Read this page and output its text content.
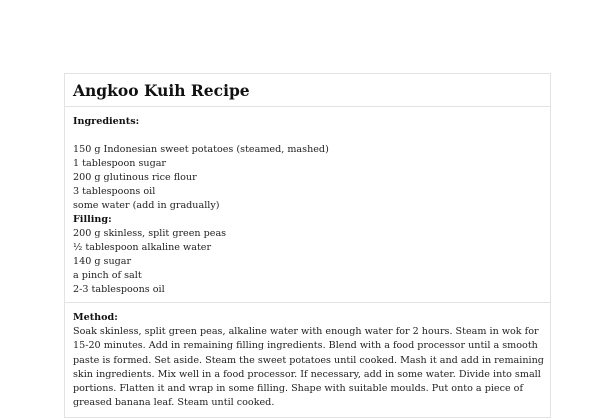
Angkoo Kuih Recipe
Ingredients:
150 g Indonesian sweet potatoes (steamed, mashed)
1 tablespoon sugar
200 g glutinous rice flour
3 tablespoons oil
some water (add in gradually)
Filling:
200 g skinless, split green peas
½ tablespoon alkaline water
140 g sugar
a pinch of salt
2-3 tablespoons oil
Method:
Soak skinless, split green peas, alkaline water with enough water for 2 hours. Steam in wok for
15-20 minutes. Add in remaining filling ingredients. Blend with a food processor until a smooth
paste is formed. Set aside. Steam the sweet potatoes until cooked. Mash it and add in remaining
skin ingredients. Mix well in a food processor. If necessary, add in some water. Divide into small
portions. Flatten it and wrap in some filling. Shape with suitable moulds. Put onto a piece of
greased banana leaf. Steam until cooked.
